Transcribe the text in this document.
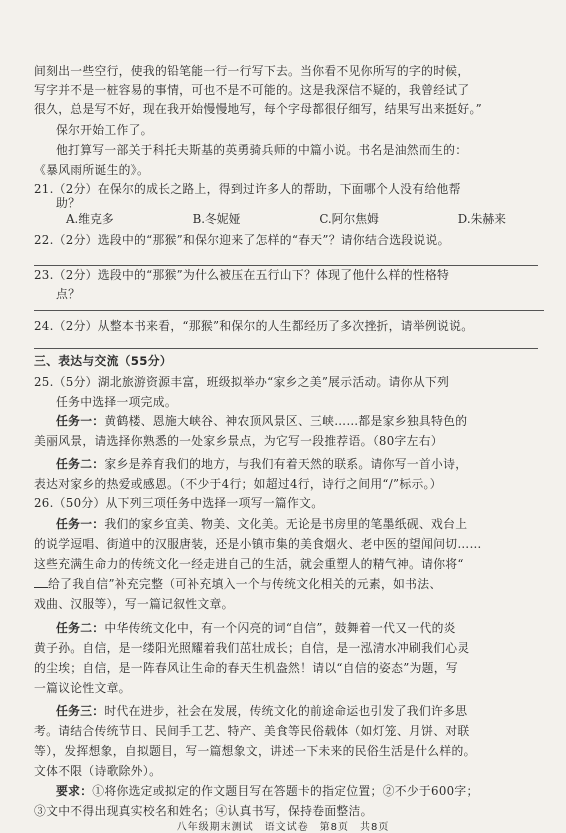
间刻出一些空行，使我的铅笔能一行一行写下去。当你看不见你所写的字的时候，
写字并不是一桩容易的事情，可也不是不可能的。这是我深信不疑的，我曾经试了
很久，总是写不好，现在我开始慢慢地写，每个字母都很仔细写，结果写出来挺好。”
保尔开始工作了。
他打算写一部关于科托夫斯基的英勇骑兵师的中篇小说。书名是油然而生的：
《暴风雨所诞生的》。
21.（2分）在保尔的成长之路上，得到过许多人的帮助，下面哪个人没有给他帮
助？
A.维克多	B.冬妮娅	C.阿尔焦姆	D.朱赫来
22.（2分）选段中的“那猴”和保尔迎来了怎样的“春天”？请你结合选段说说。
23.（2分）选段中的“那猴”为什么被压在五行山下？体现了他什么样的性格特
点？
24.（2分）从整本书来看，“那猴”和保尔的人生都经历了多次挫折，请举例说说。
三、表达与交流（55分）
25.（5分）湖北旅游资源丰富，班级拟举办“家乡之美”展示活动。请你从下列
任务中选择一项完成。
任务一：黄鹤楼、恩施大峡谷、神农顶风景区、三峡……都是家乡独具特色的
美丽风景，请选择你熟悉的一处家乡景点，为它写一段推荐语。（80字左右）
任务二：家乡是养育我们的地方，与我们有着天然的联系。请你写一首小诗，
表达对家乡的热爱或感恩。（不少于4行；如超过4行，诗行之间用“/”标示。）
26.（50分）从下列三项任务中选择一项写一篇作文。
任务一：我们的家乡宜美、物美、文化美。无论是书房里的笔墨纸砚、戏台上
的说学逗唱、街道中的汉服唐装，还是小镇市集的美食烟火、老中医的望闻问切……
这些充满生命力的传统文化一经走进自己的生活，就会重塑人的精气神。请你将“
给了我自信”补充完整（可补充填入一个与传统文化相关的元素，如书法、
戏曲、汉服等），写一篇记叙性文章。
任务二：中华传统文化中，有一个闪亮的词“自信”，鼓舞着一代又一代的炎
黄子孙。自信，是一缕阳光照耀着我们茁壮成长；自信，是一泓清水冲刷我们心灵
的尘埃；自信，是一阵春风让生命的春天生机盎然！请以“自信的姿态”为题，写
一篇议论性文章。
任务三：时代在进步，社会在发展，传统文化的前途命运也引发了我们许多思
考。请结合传统节日、民间手工艺、特产、美食等民俗载体（如灯笼、月饼、对联
等），发挥想象，自拟题目，写一篇想象文，讲述一下未来的民俗生活是什么样的。
文体不限（诗歌除外）。
要求：①将你选定或拟定的作文题目写在答题卡的指定位置；②不少于600字；
③文中不得出现真实校名和姓名；④认真书写，保持卷面整洁。
八年级期末测试　语文试卷　第8页　共8页
